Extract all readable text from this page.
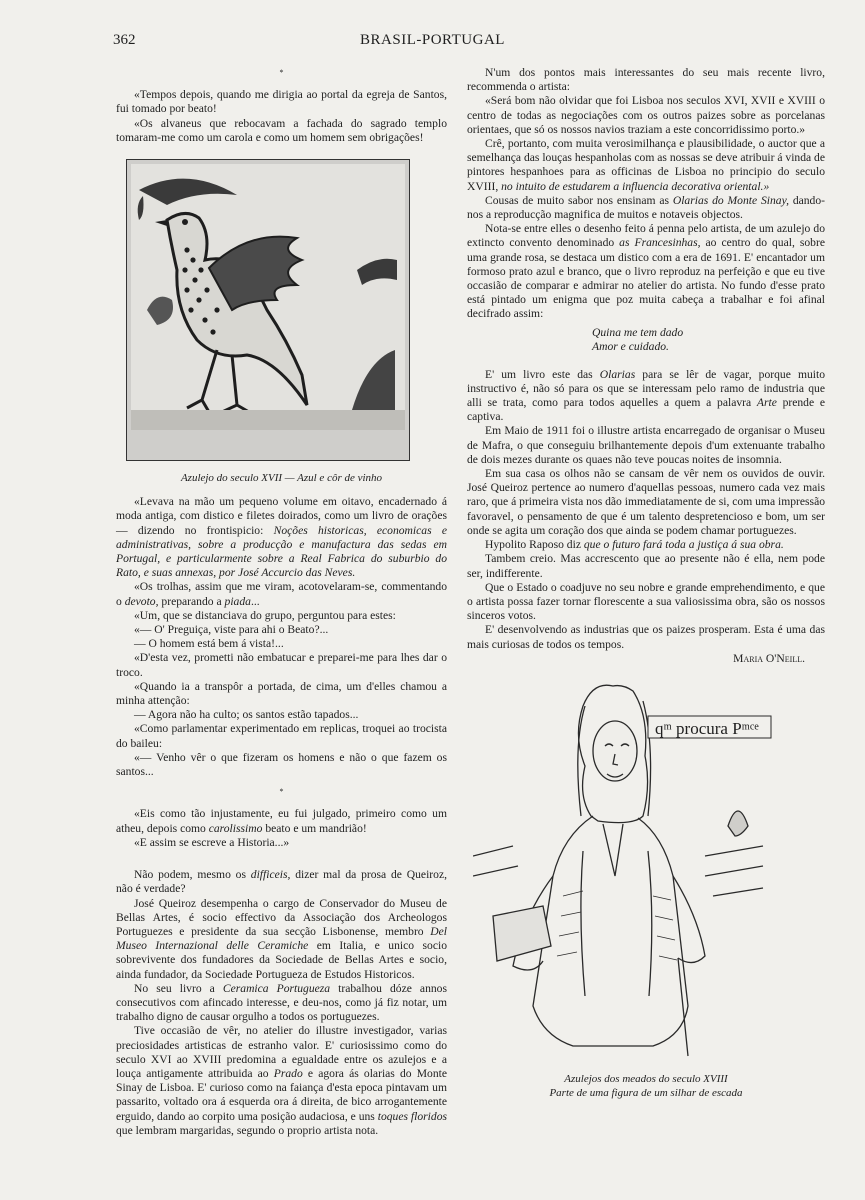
362	BRASIL-PORTUGAL

*

«Tempos depois, quando me dirigia ao portal da egreja de Santos, fui tomado por beato!

«Os alvaneus que rebocavam a fachada do sagrado templo tomaram-me como um carola e como um homem sem obrigações!

Azulejo do seculo XVII — Azul e côr de vinho

«Levava na mão um pequeno volume em oitavo, encadernado á moda antiga, com distico e filetes doirados, como um livro de orações — dizendo no frontispicio: Noções historicas, economicas e administrativas, sobre a producção e manufactura das sedas em Portugal, e particularmente sobre a Real Fabrica do suburbio do Rato, e suas annexas, por José Accurcio das Neves.

«Os trolhas, assim que me viram, acotovelaram-se, commentando o devoto, preparando a piada...

«Um, que se distanciava do grupo, perguntou para estes:

«— O' Preguiça, viste para ahi o Beato?...

— O homem está bem á vista!...

«D'esta vez, prometti não embatucar e preparei-me para lhes dar o troco.

«Quando ia a transpôr a portada, de cima, um d'elles chamou a minha attenção:

— Agora não ha culto; os santos estão tapados...

«Como parlamentar experimentado em replicas, troquei ao trocista do baileu:

«— Venho vêr o que fizeram os homens e não o que fazem os santos...

*

«Eis como tão injustamente, eu fui julgado, primeiro como um atheu, depois como carolissimo beato e um mandrião!

«E assim se escreve a Historia...»

Não podem, mesmo os difficeis, dizer mal da prosa de Queiroz, não é verdade?

José Queiroz desempenha o cargo de Conservador do Museu de Bellas Artes, é socio effectivo da Associação dos Archeologos Portuguezes e presidente da sua secção Lisbonense, membro Del Museo Internazional delle Ceramiche em Italia, e unico socio sobrevivente dos fundadores da Sociedade de Bellas Artes e socio, ainda fundador, da Sociedade Portugueza de Estudos Historicos.

No seu livro a Ceramica Portugueza trabalhou dóze annos consecutivos com afincado interesse, e deu-nos, como já fiz notar, um trabalho digno de causar orgulho a todos os portuguezes.

Tive occasião de vêr, no atelier do illustre investigador, varias preciosidades artisticas de estranho valor. E' curiosissimo como do seculo XVI ao XVIII predomina a egualdade entre os azulejos e a louça antigamente attribuida ao Prado e agora ás olarias do Monte Sinay de Lisboa. E' curioso como na faiança d'esta epoca pintavam um passarito, voltado ora á esquerda ora á direita, de bico arrogantemente erguido, dando ao corpito uma posição audaciosa, e uns toques floridos que lembram margaridas, segundo o proprio artista nota.

N'um dos pontos mais interessantes do seu mais recente livro, recommenda o artista:

«Será bom não olvidar que foi Lisboa nos seculos XVI, XVII e XVIII o centro de todas as negociações com os outros paizes sobre as porcelanas orientaes, que só os nossos navios traziam a este concorridissimo porto.»

Crê, portanto, com muita verosimilhança e plausibilidade, o auctor que a semelhança das louças hespanholas com as nossas se deve atribuir á vinda de pintores hespanhoes para as officinas de Lisboa no principio do seculo XVIII, no intuito de estudarem a influencia decorativa oriental.»

Cousas de muito sabor nos ensinam as Olarias do Monte Sinay, dando-nos a reproducção magnifica de muitos e notaveis objectos.

Nota-se entre elles o desenho feito á penna pelo artista, de um azulejo do extincto convento denominado as Francesinhas, ao centro do qual, sobre uma grande rosa, se destaca um distico com a era de 1691. E' encantador um formoso prato azul e branco, que o livro reproduz na perfeição e que eu tive occasião de comparar e admirar no atelier do artista. No fundo d'esse prato está pintado um enigma que poz muita cabeça a trabalhar e foi afinal decifrado assim:

Quina me tem dado
Amor e cuidado.

E' um livro este das Olarias para se lêr de vagar, porque muito instructivo é, não só para os que se interessam pelo ramo de industria que alli se trata, como para todos aquelles a quem a palavra Arte prende e captiva.

Em Maio de 1911 foi o illustre artista encarregado de organisar o Museu de Mafra, o que conseguiu brilhantemente depois d'um extenuante trabalho de dois mezes durante os quaes não teve poucas noites de insomnia.

Em sua casa os olhos não se cansam de vêr nem os ouvidos de ouvir. José Queiroz pertence ao numero d'aquellas pessoas, numero cada vez mais raro, que á primeira vista nos dão immediatamente de si, com uma impressão favoravel, o pensamento de que é um talento despretencioso e bom, um ser onde se agita um coração dos que ainda se podem chamar portuguezes.

Hypolito Raposo diz que o futuro fará toda a justiça á sua obra.

Tambem creio. Mas accrescento que ao presente não é ella, nem pode ser, indifferente.

Que o Estado o coadjuve no seu nobre e grande emprehendimento, e que o artista possa fazer tornar florescente a sua valiosissima obra, são os nossos sinceros votos.

E' desenvolvendo as industrias que os paizes prosperam. Esta é uma das mais curiosas de todos os tempos.

Maria O'Neill.

qᵐ procura Pᵐᶜᵉ

Azulejos dos meados do seculo XVIII

Parte de uma figura de um silhar de escada
